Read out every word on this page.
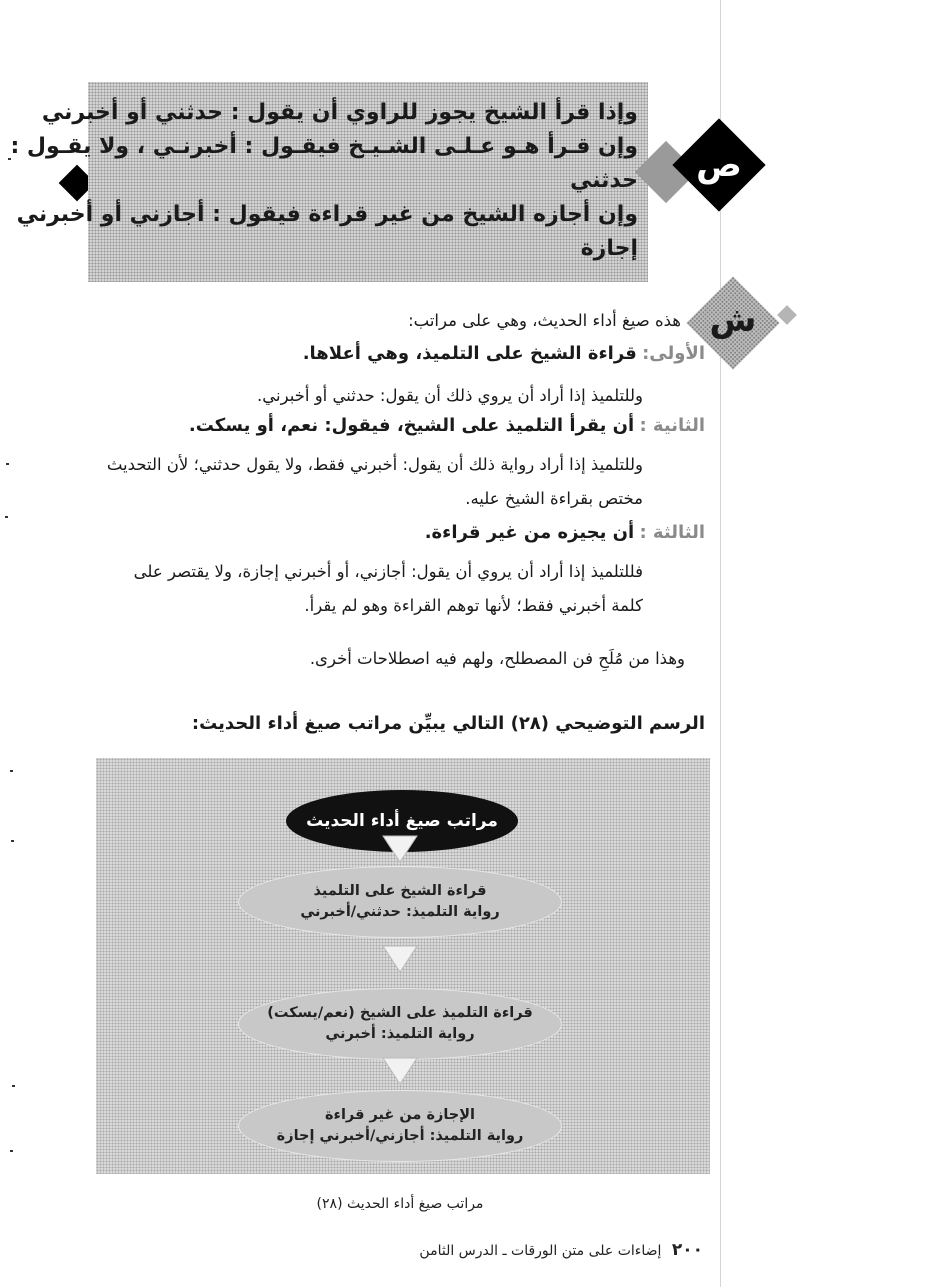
وإذا قرأ الشيخ يجوز للراوي أن يقول : حدثني أو أخبرني
وإن قـرأ هـو عـلـى الشـيـخ فيقـول : أخبرنـي ، ولا يقـول :
حدثني
وإن أجازه الشيخ من غير قراءة فيقول : أجازني أو أخبرني
إجازة
ص
ش
هذه صيغ أداء الحديث، وهي على مراتب:
الأولى: قراءة الشيخ على التلميذ، وهي أعلاها.
وللتلميذ إذا أراد أن يروي ذلك أن يقول: حدثني أو أخبرني.
الثانية : أن يقرأ التلميذ على الشيخ، فيقول: نعم، أو يسكت.
وللتلميذ إذا أراد رواية ذلك أن يقول: أخبرني فقط، ولا يقول حدثني؛ لأن التحديث
مختص بقراءة الشيخ عليه.
الثالثة : أن يجيزه من غير قراءة.
فللتلميذ إذا أراد أن يروي أن يقول: أجازني، أو أخبرني إجازة، ولا يقتصر على
كلمة أخبرني فقط؛ لأنها توهم القراءة وهو لم يقرأ.
وهذا من مُلَحِ فن المصطلح، ولهم فيه اصطلاحات أخرى.
الرسم التوضيحي (٢٨) التالي يبيِّن مراتب صيغ أداء الحديث:
مراتب صيغ أداء الحديث
قراءة الشيخ على التلميذ
رواية التلميذ: حدثني/أخبرني
قراءة التلميذ على الشيخ (نعم/يسكت)
رواية التلميذ: أخبرني
الإجازة من غير قراءة
رواية التلميذ: أجازني/أخبرني إجازة
مراتب صيغ أداء الحديث (٢٨)
٢٠٠ إضاءات على متن الورقات ـ الدرس الثامن
